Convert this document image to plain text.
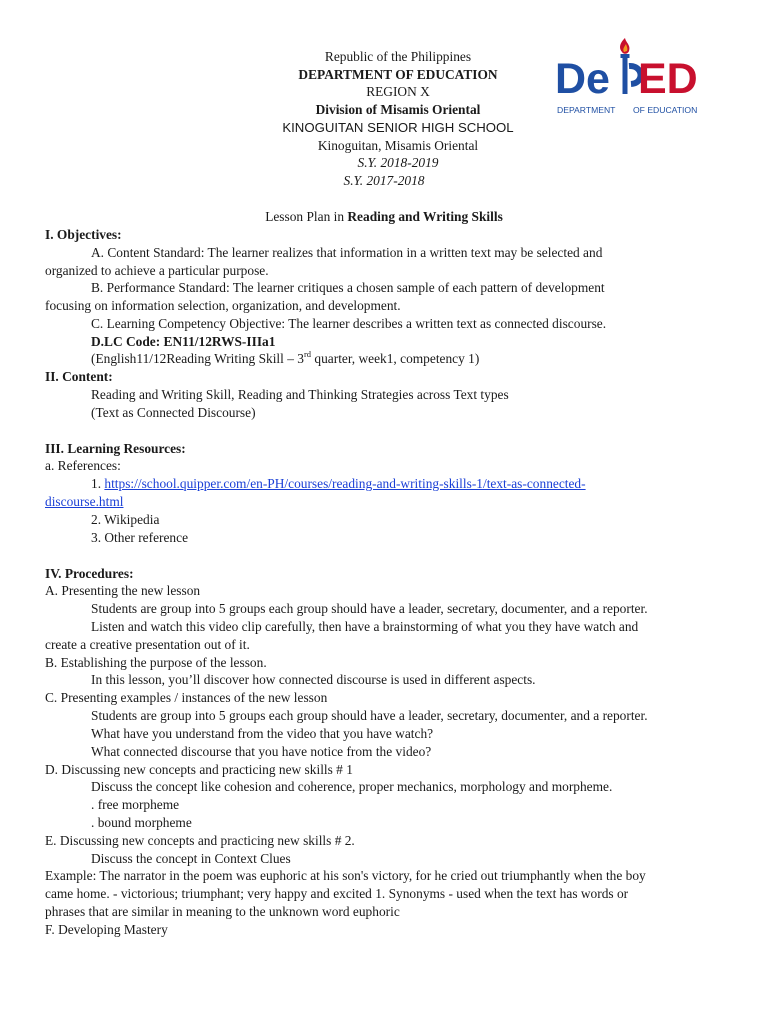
Republic of the Philippines
DEPARTMENT OF EDUCATION
REGION X
Division of Misamis Oriental
KINOGUITAN SENIOR HIGH SCHOOL
Kinoguitan, Misamis Oriental
S.Y. 2018-2019
S.Y. 2017-2018
De ED
DEPARTMENT OF EDUCATION
Lesson Plan in Reading and Writing Skills
I. Objectives:
A. Content Standard: The learner realizes that information in a written text may be selected and
organized to achieve a particular purpose.
B. Performance Standard: The learner critiques a chosen sample of each pattern of development
focusing on information selection, organization, and development.
C. Learning Competency Objective: The learner describes a written text as connected discourse.
D.LC Code: EN11/12RWS-IIIa1
(English11/12Reading Writing Skill – 3rd quarter, week1, competency 1)
II. Content:
Reading and Writing Skill, Reading and Thinking Strategies across Text types
(Text as Connected Discourse)
III. Learning Resources:
a. References:
1. https://school.quipper.com/en-PH/courses/reading-and-writing-skills-1/text-as-connected-
discourse.html
2. Wikipedia
3. Other reference
IV. Procedures:
A. Presenting the new lesson
Students are group into 5 groups each group should have a leader, secretary, documenter, and a reporter.
Listen and watch this video clip carefully, then have a brainstorming of what you they have watch and
create a creative presentation out of it.
B. Establishing the purpose of the lesson.
In this lesson, you’ll discover how connected discourse is used in different aspects.
C. Presenting examples / instances of the new lesson
Students are group into 5 groups each group should have a leader, secretary, documenter, and a reporter.
What have you understand from the video that you have watch?
What connected discourse that you have notice from the video?
D. Discussing new concepts and practicing new skills # 1
Discuss the concept like cohesion and coherence, proper mechanics, morphology and morpheme.
. free morpheme
. bound morpheme
E. Discussing new concepts and practicing new skills # 2.
Discuss the concept in Context Clues
Example: The narrator in the poem was euphoric at his son's victory, for he cried out triumphantly when the boy
came home. - victorious; triumphant; very happy and excited 1. Synonyms - used when the text has words or
phrases that are similar in meaning to the unknown word euphoric
F. Developing Mastery
